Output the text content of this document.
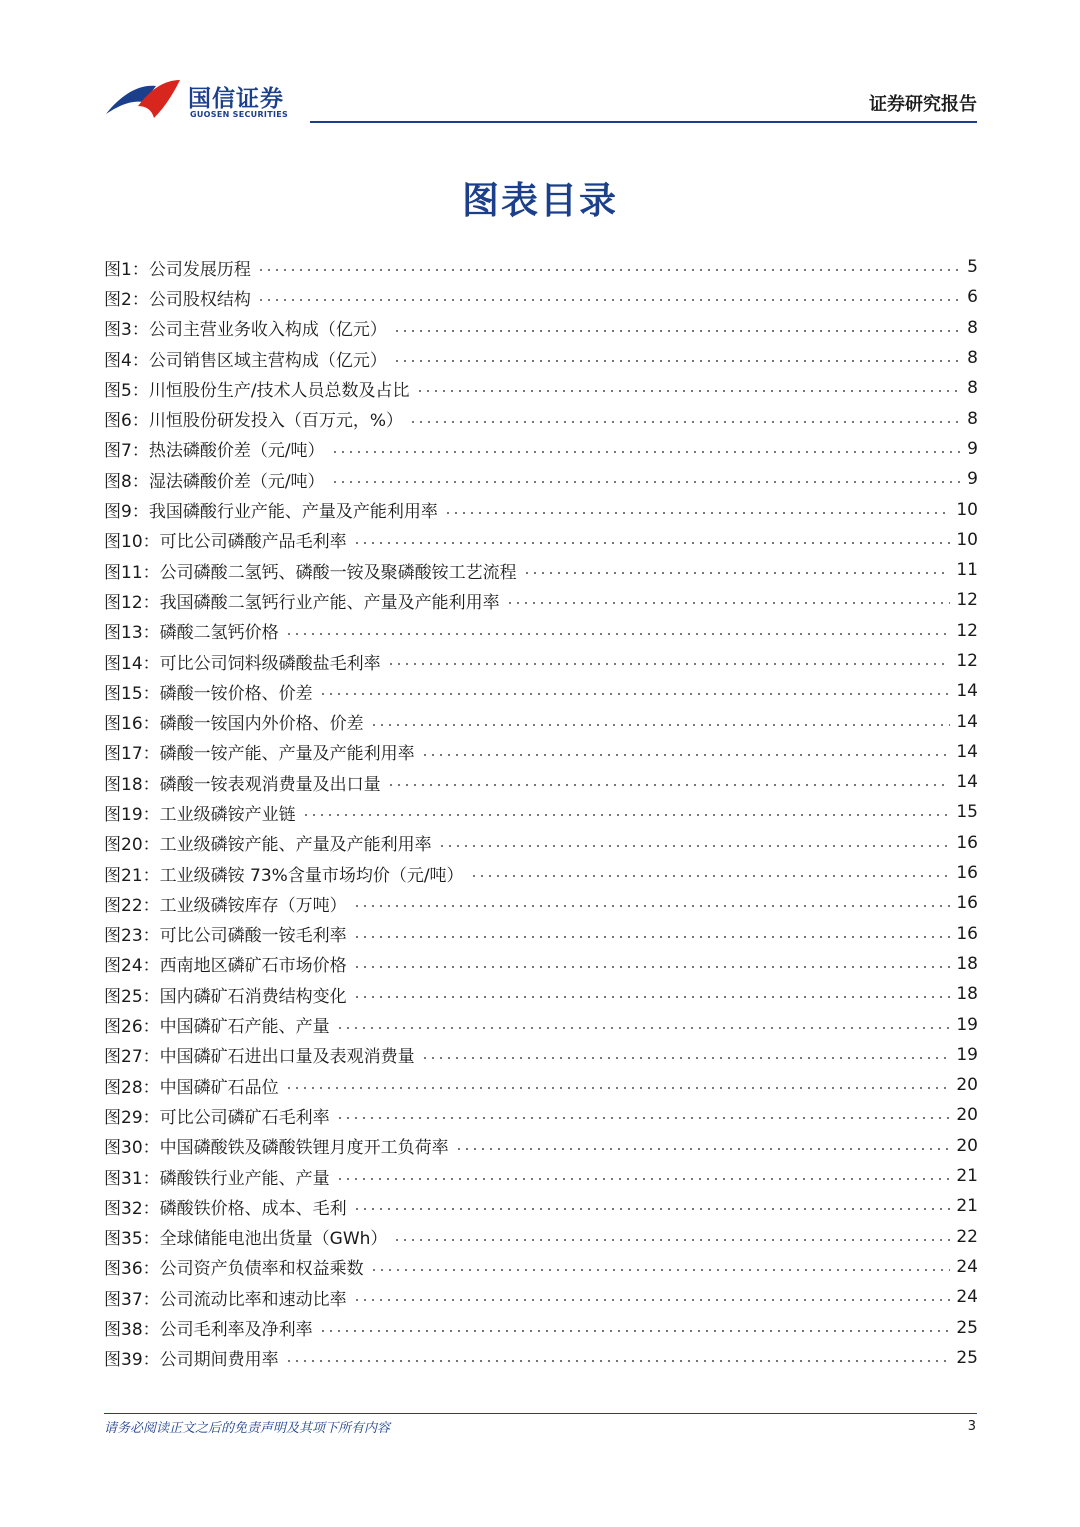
国信证券
GUOSEN SECURITIES	证券研究报告
图表目录
图1： 公司发展历程	5
图2： 公司股权结构	6
图3： 公司主营业务收入构成（亿元）	8
图4： 公司销售区域主营构成（亿元）	8
图5： 川恒股份生产/技术人员总数及占比	8
图6： 川恒股份研发投入（百万元，%）	8
图7： 热法磷酸价差（元/吨）	9
图8： 湿法磷酸价差（元/吨）	9
图9： 我国磷酸行业产能、产量及产能利用率	10
图10： 可比公司磷酸产品毛利率	10
图11： 公司磷酸二氢钙、磷酸一铵及聚磷酸铵工艺流程	11
图12： 我国磷酸二氢钙行业产能、产量及产能利用率	12
图13： 磷酸二氢钙价格	12
图14： 可比公司饲料级磷酸盐毛利率	12
图15： 磷酸一铵价格、价差	14
图16： 磷酸一铵国内外价格、价差	14
图17： 磷酸一铵产能、产量及产能利用率	14
图18： 磷酸一铵表观消费量及出口量	14
图19： 工业级磷铵产业链	15
图20： 工业级磷铵产能、产量及产能利用率	16
图21： 工业级磷铵 73%含量市场均价（元/吨）	16
图22： 工业级磷铵库存（万吨）	16
图23： 可比公司磷酸一铵毛利率	16
图24： 西南地区磷矿石市场价格	18
图25： 国内磷矿石消费结构变化	18
图26： 中国磷矿石产能、产量	19
图27： 中国磷矿石进出口量及表观消费量	19
图28： 中国磷矿石品位	20
图29： 可比公司磷矿石毛利率	20
图30： 中国磷酸铁及磷酸铁锂月度开工负荷率	20
图31： 磷酸铁行业产能、产量	21
图32： 磷酸铁价格、成本、毛利	21
图35： 全球储能电池出货量（GWh）	22
图36： 公司资产负债率和权益乘数	24
图37： 公司流动比率和速动比率	24
图38： 公司毛利率及净利率	25
图39： 公司期间费用率	25
请务必阅读正文之后的免责声明及其项下所有内容	3
